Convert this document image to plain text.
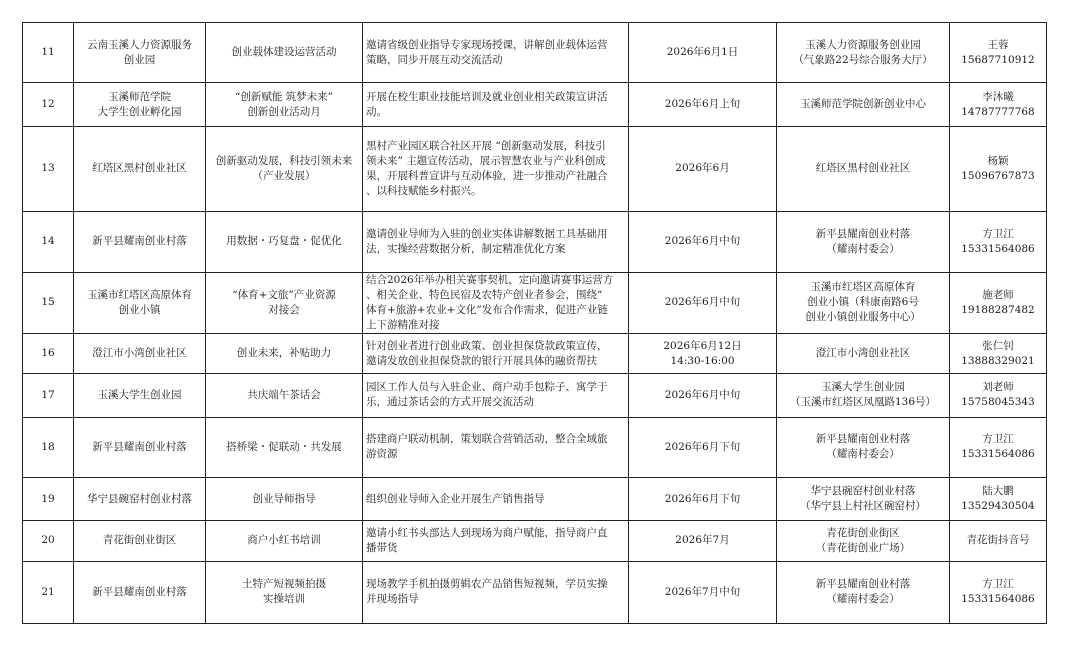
11	云南玉溪人力资源服务
创业园	创业载体建设运营活动	邀请省级创业指导专家现场授课，讲解创业载体运营
策略，同步开展互动交流活动	2026年6月1日	玉溪人力资源服务创业园
（气象路22号综合服务大厅）	王蓉
15687710912

12	玉溪师范学院
大学生创业孵化园	“创新赋能 筑梦未来”
创新创业活动月	开展在校生职业技能培训及就业创业相关政策宣讲活动。	2026年6月上旬	玉溪师范学院创新创业中心	李沐曦
14787777768

13	红塔区黑村创业社区	创新驱动发展，科技引领未来
（产业发展）	黑村产业园区联合社区开展 “创新驱动发展，科技引
领未来” 主题宣传活动，展示智慧农业与产业科创成
果，开展科普宣讲与互动体验，进一步推动产社融合
、以科技赋能乡村振兴。	2026年6月	红塔区黑村创业社区	杨颖
15096767873

14	新平县耀南创业村落	用数据・巧复盘・促优化	邀请创业导师为入驻的创业实体讲解数据工具基础用
法，实操经营数据分析，制定精准优化方案	2026年6月中旬	新平县耀南创业村落
（耀南村委会）	方卫江
15331564086

15	玉溪市红塔区高原体育
创业小镇	“体育+文旅”产业资源
对接会	结合2026年举办相关赛事契机，定向邀请赛事运营方
、相关企业、特色民宿及农特产创业者参会，围绕“
体育+旅游+农业+文化”发布合作需求，促进产业链
上下游精准对接	2026年6月中旬	玉溪市红塔区高原体育
创业小镇（科康南路6号
创业小镇创业服务中心）	施老师
19188287482

16	澄江市小湾创业社区	创业未来，补贴助力	针对创业者进行创业政策、创业担保贷款政策宣传，
邀请发放创业担保贷款的银行开展具体的融资帮扶	2026年6月12日
14:30-16:00	澄江市小湾创业社区	张仁钊
13888329021

17	玉溪大学生创业园	共庆端午茶话会	园区工作人员与入驻企业、商户动手包粽子、寓学于
乐，通过茶话会的方式开展交流活动	2026年6月中旬	玉溪大学生创业园
（玉溪市红塔区凤凰路136号）	刘老师
15758045343

18	新平县耀南创业村落	搭桥梁・促联动・共发展	搭建商户联动机制，策划联合营销活动，整合全域旅
游资源	2026年6月下旬	新平县耀南创业村落
（耀南村委会）	方卫江
15331564086

19	华宁县碗窑村创业村落	创业导师指导	组织创业导师入企业开展生产销售指导	2026年6月下旬	华宁县碗窑村创业村落
（华宁县上村社区碗窑村）	陆大鹏
13529430504

20	青花街创业街区	商户小红书培训	邀请小红书头部达人到现场为商户赋能，指导商户直
播带货	2026年7月	青花街创业街区
（青花街创业广场）	青花街抖音号

21	新平县耀南创业村落	土特产短视频拍摄
实操培训	现场教学手机拍摄剪辑农产品销售短视频，学员实操
并现场指导	2026年7月中旬	新平县耀南创业村落
（耀南村委会）	方卫江
15331564086
